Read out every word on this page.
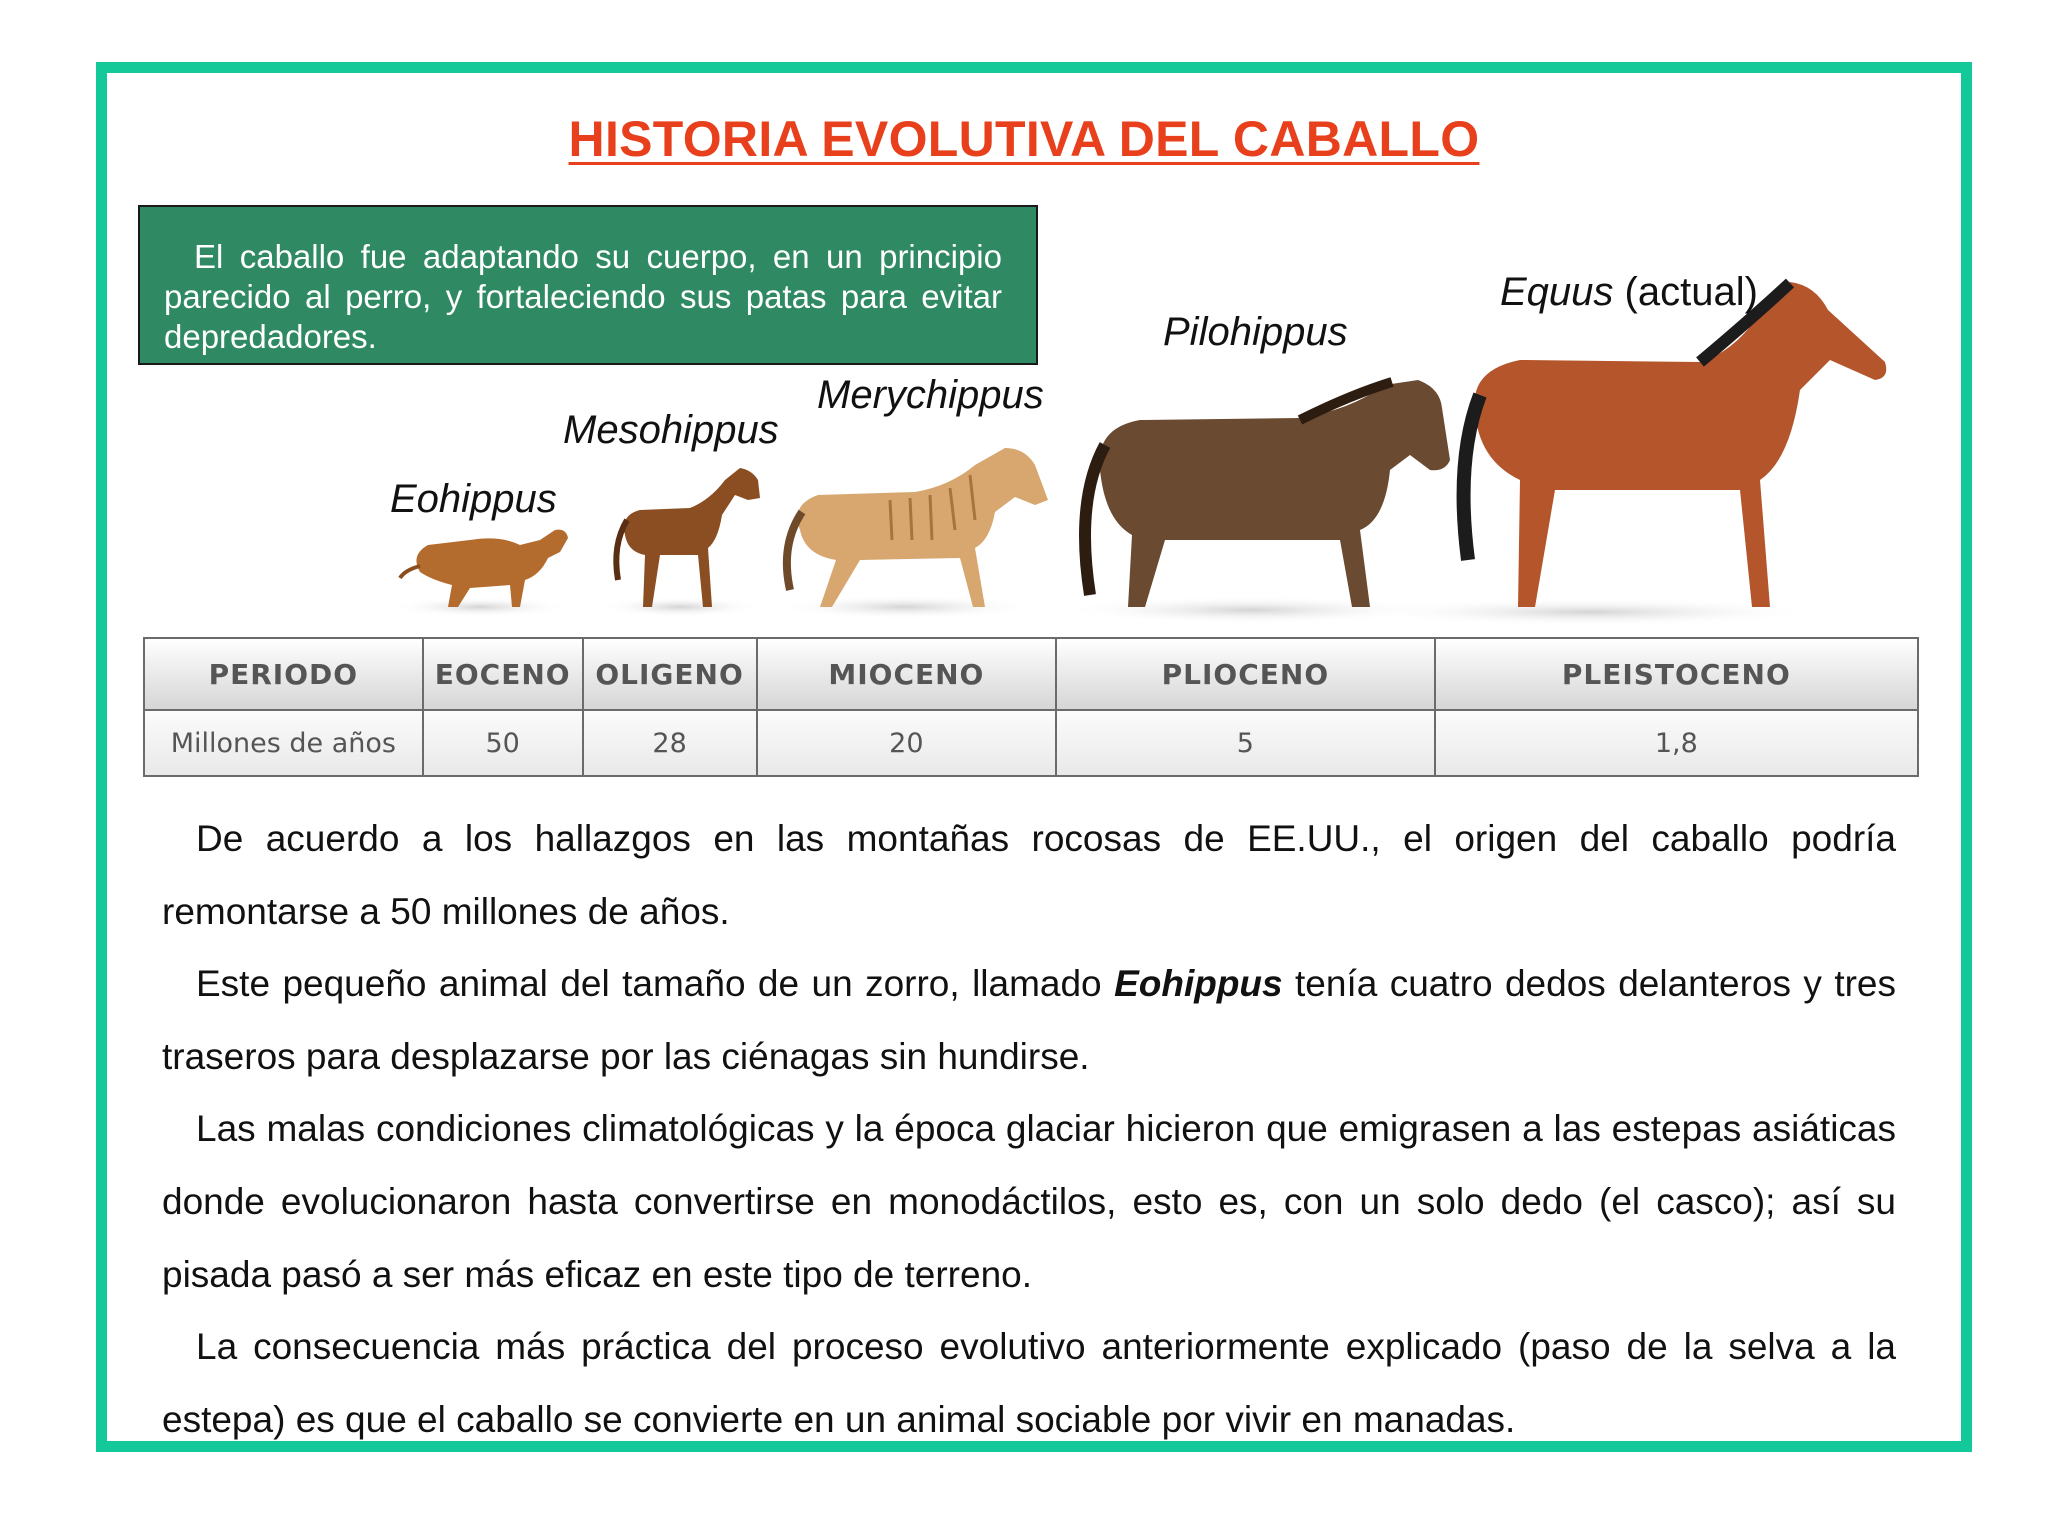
HISTORIA EVOLUTIVA DEL CABALLO
El caballo fue adaptando su cuerpo, en un principio parecido al perro, y fortaleciendo sus patas para evitar depredadores.
Eohippus
Mesohippus
Merychippus
Pilohippus
Equus (actual)
PERIODO	EOCENO	OLIGENO	MIOCENO	PLIOCENO	PLEISTOCENO
Millones de años	50	28	20	5	1,8

De acuerdo a los hallazgos en las montañas rocosas de EE.UU., el origen del caballo podría remontarse a 50 millones de años.

Este pequeño animal del tamaño de un zorro, llamado Eohippus tenía cuatro dedos delanteros y tres traseros para desplazarse por las ciénagas sin hundirse.

Las malas condiciones climatológicas y la época glaciar hicieron que emigrasen a las estepas asiáticas donde evolucionaron hasta convertirse en monodáctilos, esto es, con un solo dedo (el casco); así su pisada pasó a ser más eficaz en este tipo de terreno.

La consecuencia más práctica del proceso evolutivo anteriormente explicado (paso de la selva a la estepa) es que el caballo se convierte en un animal sociable por vivir en manadas.
